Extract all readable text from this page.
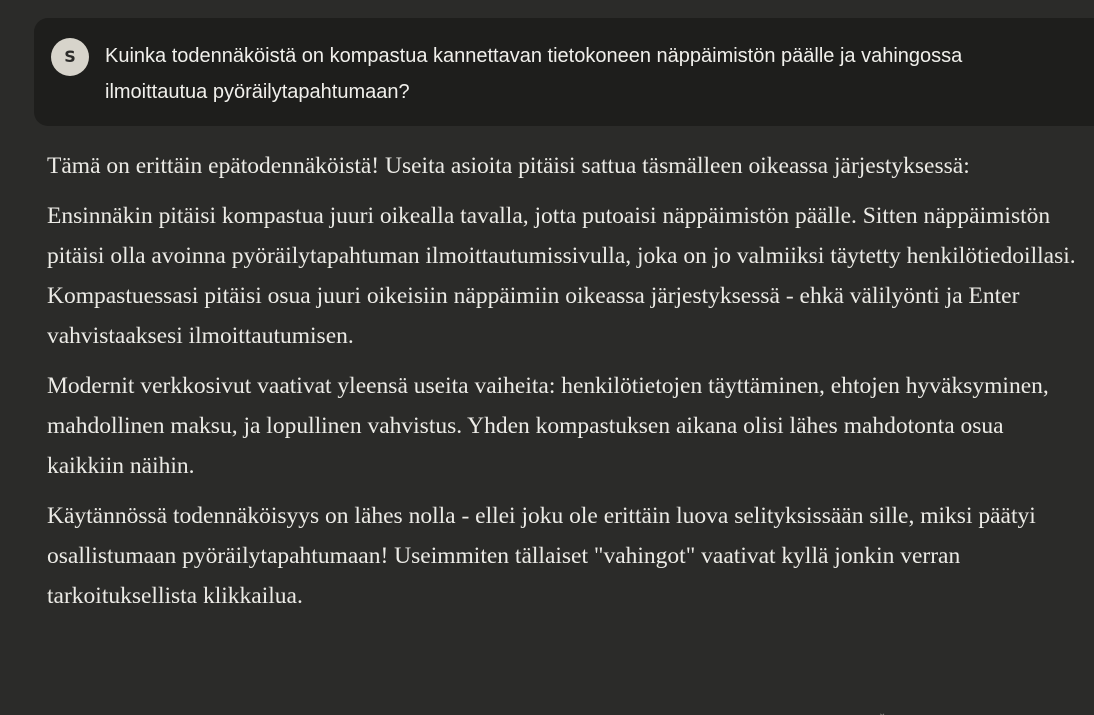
S	Kuinka todennäköistä on kompastua kannettavan tietokoneen näppäimistön päälle ja vahingossa ilmoittautua pyöräilytapahtumaan?

Tämä on erittäin epätodennäköistä! Useita asioita pitäisi sattua täsmälleen oikeassa järjestyksessä:

Ensinnäkin pitäisi kompastua juuri oikealla tavalla, jotta putoaisi näppäimistön päälle. Sitten näppäimistön pitäisi olla avoinna pyöräilytapahtuman ilmoittautumissivulla, joka on jo valmiiksi täytetty henkilötiedoillasi. Kompastuessasi pitäisi osua juuri oikeisiin näppäimiin oikeassa järjestyksessä - ehkä välilyönti ja Enter vahvistaaksesi ilmoittautumisen.

Modernit verkkosivut vaativat yleensä useita vaiheita: henkilötietojen täyttäminen, ehtojen hyväksyminen, mahdollinen maksu, ja lopullinen vahvistus. Yhden kompastuksen aikana olisi lähes mahdotonta osua kaikkiin näihin.

Käytännössä todennäköisyys on lähes nolla - ellei joku ole erittäin luova selityksissään sille, miksi päätyi osallistumaan pyöräilytapahtumaan! Useimmiten tällaiset "vahingot" vaativat kyllä jonkin verran tarkoituksellista klikkailua.

⌄
